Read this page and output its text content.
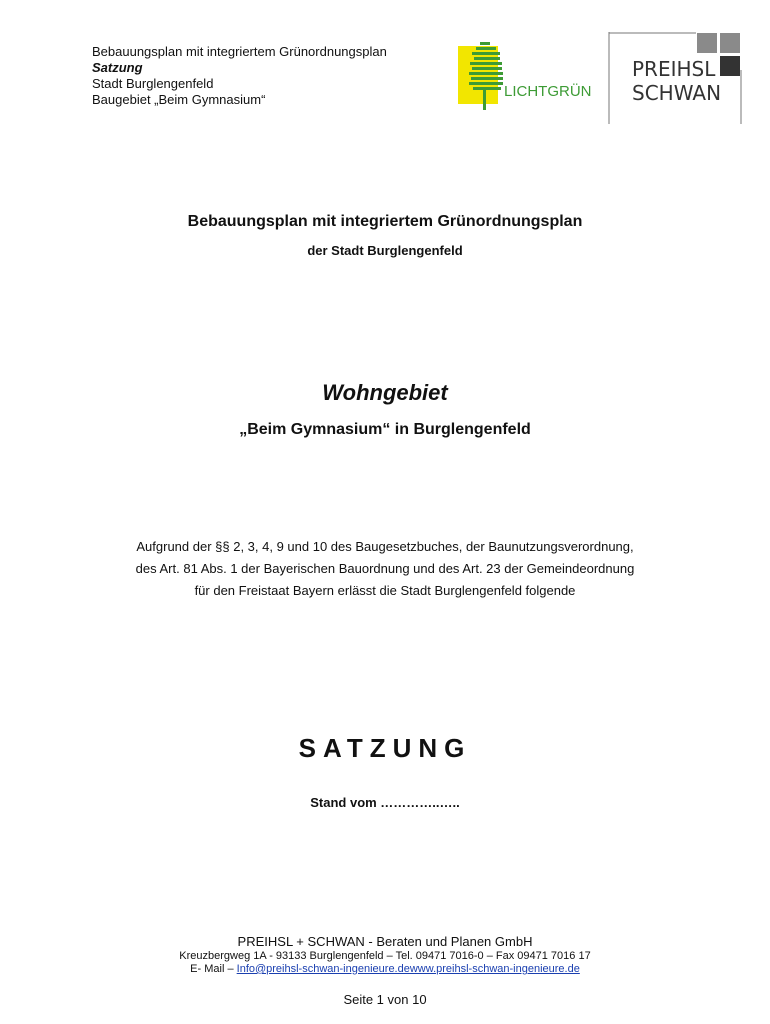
Bebauungsplan mit integriertem Grünordnungsplan
Satzung
Stadt Burglengenfeld
Baugebiet „Beim Gymnasium“	LICHTGRÜN
PREIHSL
SCHWAN
Bebauungsplan mit integriertem Grünordnungsplan
der Stadt Burglengenfeld
Wohngebiet
„Beim Gymnasium“ in Burglengenfeld
Aufgrund der §§ 2, 3, 4, 9 und 10 des Baugesetzbuches, der Baunutzungsverordnung,
des Art. 81 Abs. 1 der Bayerischen Bauordnung und des Art. 23 der Gemeindeordnung
für den Freistaat Bayern erlässt die Stadt Burglengenfeld folgende
SATZUNG
Stand vom …………..…..
PREIHSL + SCHWAN - Beraten und Planen GmbH
Kreuzbergweg 1A - 93133 Burglengenfeld – Tel. 09471 7016-0 – Fax 09471 7016 17
E- Mail – Info@preihsl-schwan-ingenieure.dewww.preihsl-schwan-ingenieure.de
Seite 1 von 10
